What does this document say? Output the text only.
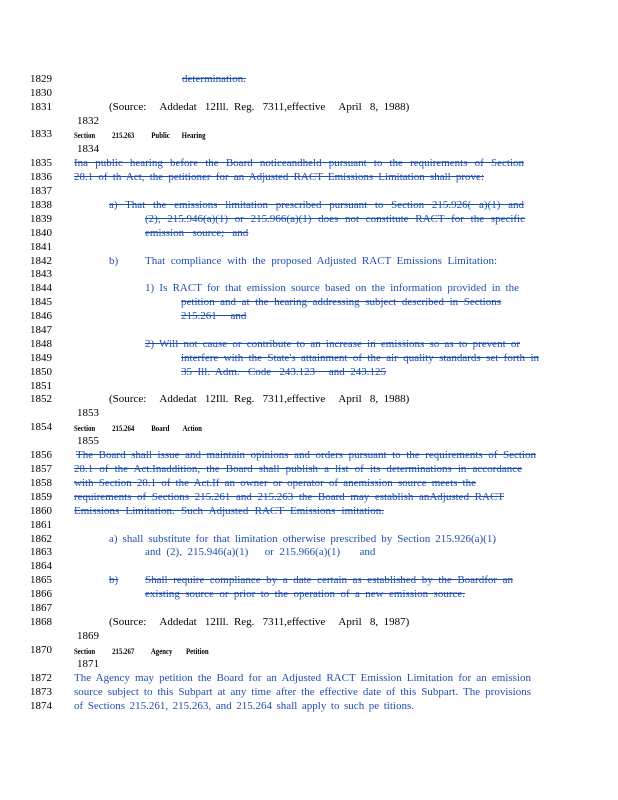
1829
1830
1831
1833
1835
1836
1837
1838
1839
1840
1841
1842
1843
1844
1845
1846
1847
1848
1849
1850
1851
1852
1854
1856
1857
1858
1859
1860
1861
1862
1863
1864
1865
1866
1867
1868
1870
1872
1873
1874
1832
1834
1853
1855
1869
1871
determination.
(Source:     Addedat   12Ill.  Reg.   7311,effective     April   8,  1988)
Section          215.263          Public       Hearing
Ina public hearing before the Board noticeandheld pursuant to the requirements of Section
28.1 of th Act, the petitioner for an Adjusted RACT Emissions Limitation shall prove:
a) That the emissions limitation prescribed pursuant to Section 215.926( a)(1) and
(2), 215.946(a)(1) or 215.966(a)(1) does not constitute RACT for the specific
emission   source;   and
b) That compliance with the proposed Adjusted RACT Emissions Limitation:
1) Is RACT for that emission source based on the information provided in the
petition and at the hearing addressing subject described in Sections
215.261     and
2) Will not cause or contribute to an increase in emissions so as to prevent or
interfere with the State's attainment of the air quality standards set forth in
35  Ill.  Adm.   Code   243.123     and  243.125
(Source:     Addedat   12Ill.  Reg.   7311,effective     April   8,  1988)
Section          215.264          Board        Action
The Board shall issue and maintain opinions and orders pursuant to the requirements of Section
28.1 of the Act.Inaddition, the Board shall publish a list of its determinations in accordance
with Section 28.1 of the Act.If an owner or operator of anemission source meets the
requirements of Sections 215.261 and 215.263 the Board may establish anAdjusted RACT
Emissions Limitation. Such Adjusted RACT Emissions imitation.
a) shall substitute for that limitation otherwise prescribed by Section 215.926(a)(1)
and  (2),  215.946(a)(1)      or  215.966(a)(1)       and
b) Shall require compliance by a date certain as established by the Boardfor an
existing source or prior to the operation of a new emission source.
(Source:     Addedat   12Ill.  Reg.   7311,effective     April   8,  1987)
Section          215.267          Agency        Petition
The Agency may petition the Board for an Adjusted RACT Emission Limitation for an emission
source subject to this Subpart at any time after the effective date of this Subpart. The provisions
of Sections 215.261, 215.263, and 215.264 shall apply to such pe titions.
